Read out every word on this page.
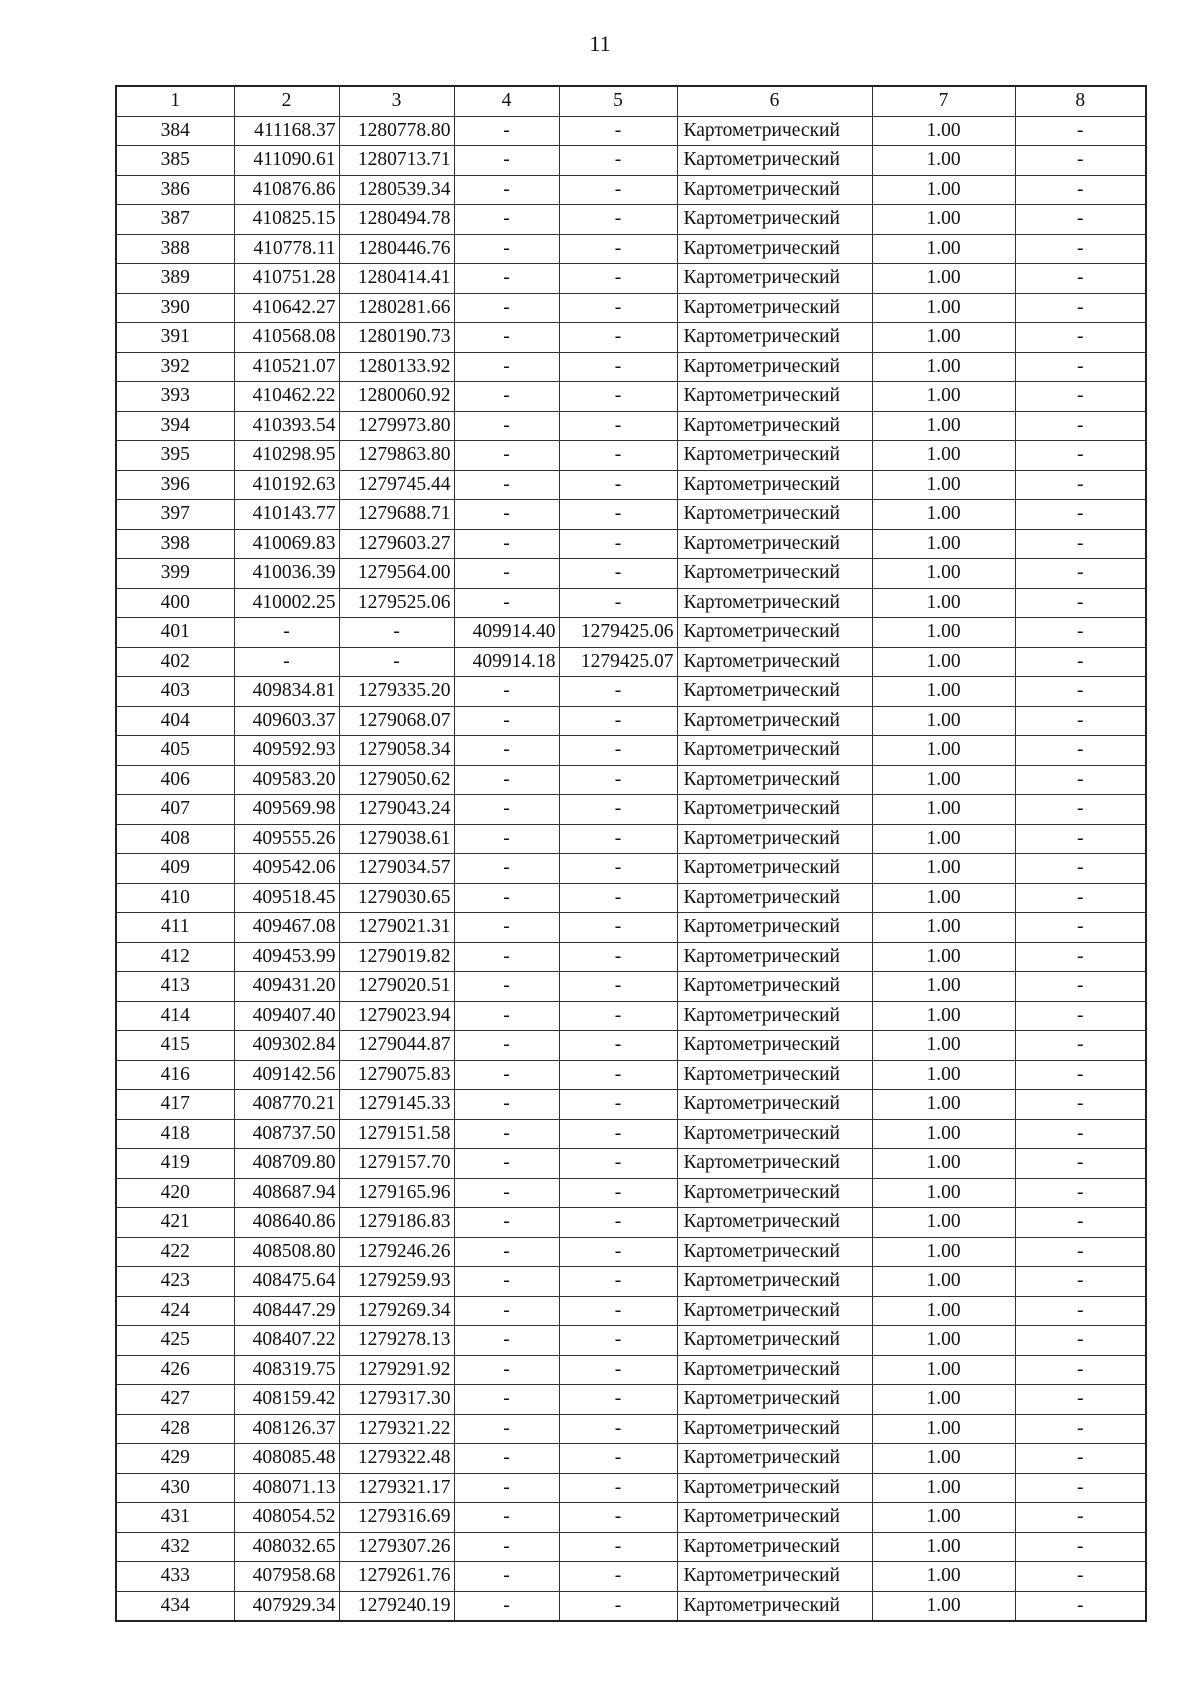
11
1	2	3	4	5	6	7	8
384	411168.37	1280778.80	-	-	Картометрический	1.00	-
385	411090.61	1280713.71	-	-	Картометрический	1.00	-
386	410876.86	1280539.34	-	-	Картометрический	1.00	-
387	410825.15	1280494.78	-	-	Картометрический	1.00	-
388	410778.11	1280446.76	-	-	Картометрический	1.00	-
389	410751.28	1280414.41	-	-	Картометрический	1.00	-
390	410642.27	1280281.66	-	-	Картометрический	1.00	-
391	410568.08	1280190.73	-	-	Картометрический	1.00	-
392	410521.07	1280133.92	-	-	Картометрический	1.00	-
393	410462.22	1280060.92	-	-	Картометрический	1.00	-
394	410393.54	1279973.80	-	-	Картометрический	1.00	-
395	410298.95	1279863.80	-	-	Картометрический	1.00	-
396	410192.63	1279745.44	-	-	Картометрический	1.00	-
397	410143.77	1279688.71	-	-	Картометрический	1.00	-
398	410069.83	1279603.27	-	-	Картометрический	1.00	-
399	410036.39	1279564.00	-	-	Картометрический	1.00	-
400	410002.25	1279525.06	-	-	Картометрический	1.00	-
401	-	-	409914.40	1279425.06	Картометрический	1.00	-
402	-	-	409914.18	1279425.07	Картометрический	1.00	-
403	409834.81	1279335.20	-	-	Картометрический	1.00	-
404	409603.37	1279068.07	-	-	Картометрический	1.00	-
405	409592.93	1279058.34	-	-	Картометрический	1.00	-
406	409583.20	1279050.62	-	-	Картометрический	1.00	-
407	409569.98	1279043.24	-	-	Картометрический	1.00	-
408	409555.26	1279038.61	-	-	Картометрический	1.00	-
409	409542.06	1279034.57	-	-	Картометрический	1.00	-
410	409518.45	1279030.65	-	-	Картометрический	1.00	-
411	409467.08	1279021.31	-	-	Картометрический	1.00	-
412	409453.99	1279019.82	-	-	Картометрический	1.00	-
413	409431.20	1279020.51	-	-	Картометрический	1.00	-
414	409407.40	1279023.94	-	-	Картометрический	1.00	-
415	409302.84	1279044.87	-	-	Картометрический	1.00	-
416	409142.56	1279075.83	-	-	Картометрический	1.00	-
417	408770.21	1279145.33	-	-	Картометрический	1.00	-
418	408737.50	1279151.58	-	-	Картометрический	1.00	-
419	408709.80	1279157.70	-	-	Картометрический	1.00	-
420	408687.94	1279165.96	-	-	Картометрический	1.00	-
421	408640.86	1279186.83	-	-	Картометрический	1.00	-
422	408508.80	1279246.26	-	-	Картометрический	1.00	-
423	408475.64	1279259.93	-	-	Картометрический	1.00	-
424	408447.29	1279269.34	-	-	Картометрический	1.00	-
425	408407.22	1279278.13	-	-	Картометрический	1.00	-
426	408319.75	1279291.92	-	-	Картометрический	1.00	-
427	408159.42	1279317.30	-	-	Картометрический	1.00	-
428	408126.37	1279321.22	-	-	Картометрический	1.00	-
429	408085.48	1279322.48	-	-	Картометрический	1.00	-
430	408071.13	1279321.17	-	-	Картометрический	1.00	-
431	408054.52	1279316.69	-	-	Картометрический	1.00	-
432	408032.65	1279307.26	-	-	Картометрический	1.00	-
433	407958.68	1279261.76	-	-	Картометрический	1.00	-
434	407929.34	1279240.19	-	-	Картометрический	1.00	-
